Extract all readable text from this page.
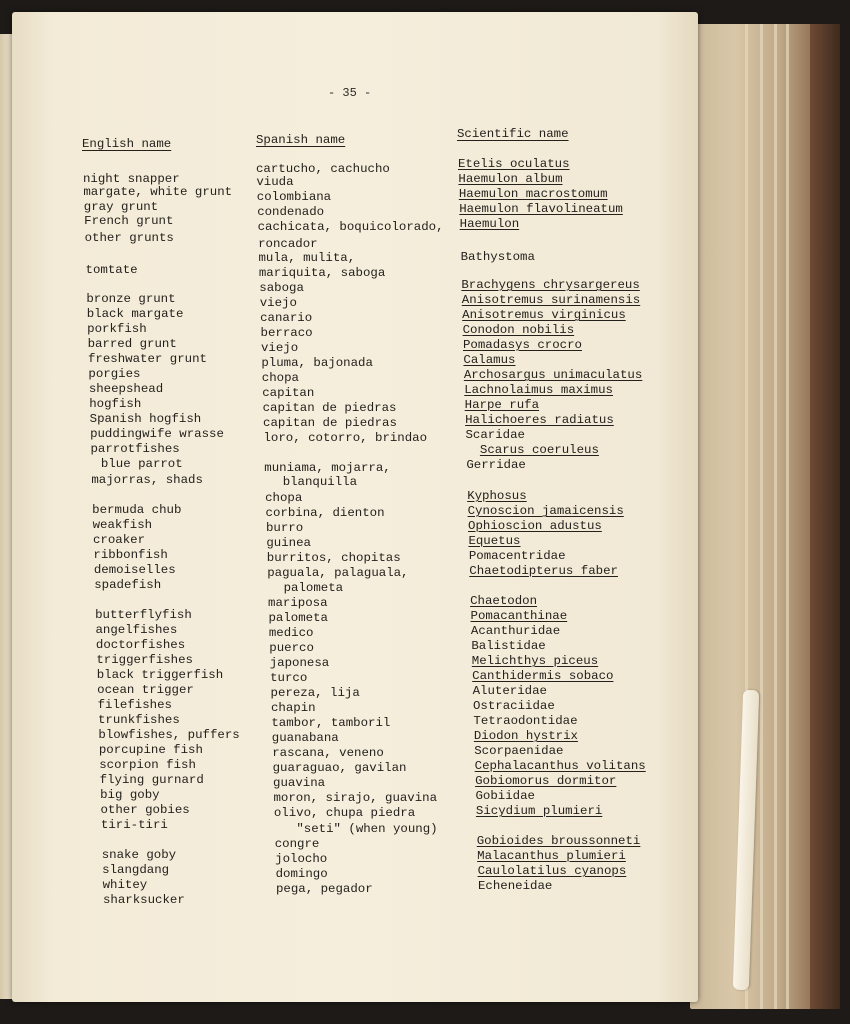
- 35 -
English name	Spanish name	Scientific name
night snapper
margate, white grunt
gray grunt
French grunt
other grunts
tomtate
bronze grunt
black margate
porkfish
barred grunt
freshwater grunt
porgies
sheepshead
hogfish
Spanish hogfish
puddingwife wrasse
parrotfishes
blue parrot
majorras, shads
bermuda chub
weakfish
croaker
ribbonfish
demoiselles
spadefish
butterflyfish
angelfishes
doctorfishes
triggerfishes
black triggerfish
ocean trigger
filefishes
trunkfishes
blowfishes, puffers
porcupine fish
scorpion fish
flying gurnard
big goby
other gobies
tiri-tiri
snake goby
slangdang
whitey
sharksucker
cartucho, cachucho
viuda
colombiana
condenado
cachicata, boquicolorado,
roncador
mula, mulita,
mariquita, saboga
saboga
viejo
canario
berraco
viejo
pluma, bajonada
chopa
capitan
capitan de piedras
capitan de piedras
loro, cotorro, brindao
muniama, mojarra,
blanquilla
chopa
corbina, dienton
burro
guinea
burritos, chopitas
paguala, palaguala,
palometa
mariposa
palometa
medico
puerco
japonesa
turco
pereza, lija
chapin
tambor, tamboril
guanabana
rascana, veneno
guaraguao, gavilan
guavina
moron, sirajo, guavina
olivo, chupa piedra
"seti" (when young)
congre
jolocho
domingo
pega, pegador
Etelis oculatus
Haemulon album
Haemulon macrostomum
Haemulon flavolineatum
Haemulon
Bathystoma
Brachygens chrysargereus
Anisotremus surinamensis
Anisotremus virginicus
Conodon nobilis
Pomadasys crocro
Calamus
Archosargus unimaculatus
Lachnolaimus maximus
Harpe rufa
Halichoeres radiatus
Scaridae
Scarus coeruleus
Gerridae
Kyphosus
Cynoscion jamaicensis
Ophioscion adustus
Equetus
Pomacentridae
Chaetodipterus faber
Chaetodon
Pomacanthinae
Acanthuridae
Balistidae
Melichthys piceus
Canthidermis sobaco
Aluteridae
Ostraciidae
Tetraodontidae
Diodon hystrix
Scorpaenidae
Cephalacanthus volitans
Gobiomorus dormitor
Gobiidae
Sicydium plumieri
Gobioides broussonneti
Malacanthus plumieri
Caulolatilus cyanops
Echeneidae
